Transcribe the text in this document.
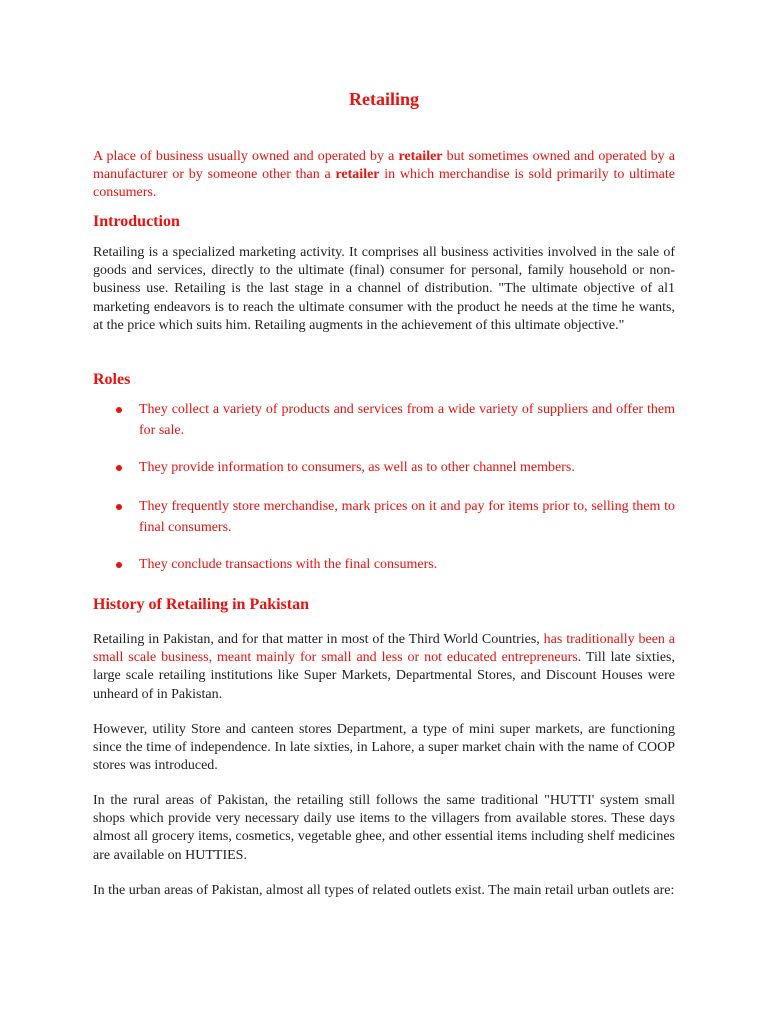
Retailing

A place of business usually owned and operated by a retailer but sometimes owned and operated by a manufacturer or by someone other than a retailer in which merchandise is sold primarily to ultimate consumers.

Introduction

Retailing is a specialized marketing activity. It comprises all business activities involved in the sale of goods and services, directly to the ultimate (final) consumer for personal, family household or non-business use. Retailing is the last stage in a channel of distribution. "The ultimate objective of al1 marketing endeavors is to reach the ultimate consumer with the product he needs at the time he wants, at the price which suits him. Retailing augments in the achievement of this ultimate objective."

Roles
They collect a variety of products and services from a wide variety of suppliers and offer them for sale.
They provide information to consumers, as well as to other channel members.
They frequently store merchandise, mark prices on it and pay for items prior to, selling them to final consumers.
They conclude transactions with the final consumers.
History of Retailing in Pakistan

Retailing in Pakistan, and for that matter in most of the Third World Countries, has traditionally been a small scale business, meant mainly for small and less or not educated entrepreneurs. Till late sixties, large scale retailing institutions like Super Markets, Departmental Stores, and Discount Houses were unheard of in Pakistan.

However, utility Store and canteen stores Department, a type of mini super markets, are functioning since the time of independence. In late sixties, in Lahore, a super market chain with the name of COOP stores was introduced.

In the rural areas of Pakistan, the retailing still follows the same traditional "HUTTI' system small shops which provide very necessary daily use items to the villagers from available stores. These days almost all grocery items, cosmetics, vegetable ghee, and other essential items including shelf medicines are available on HUTTIES.

In the urban areas of Pakistan, almost all types of related outlets exist. The main retail urban outlets are:
